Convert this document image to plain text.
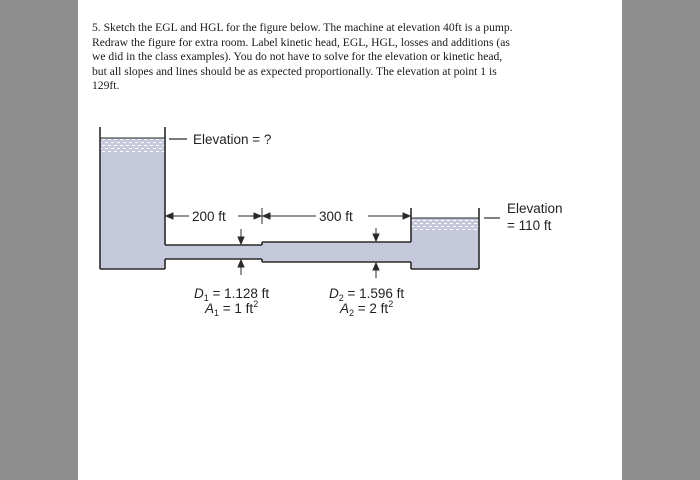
5. Sketch the EGL and HGL for the figure below. The machine at elevation 40ft is a pump.
Redraw the figure for extra room. Label kinetic head, EGL, HGL, losses and additions (as
we did in the class examples). You do not have to solve for the elevation or kinetic head,
but all slopes and lines should be as expected proportionally. The elevation at point 1 is
129ft.
Elevation = ?
Elevation
= 110 ft
200 ft	300 ft
$D_1 = 1.128$ ft
$A_1 = 1$ $ft^2$
$D_2 = 1.596$ ft
$A_2 = 2$ $ft^2$
